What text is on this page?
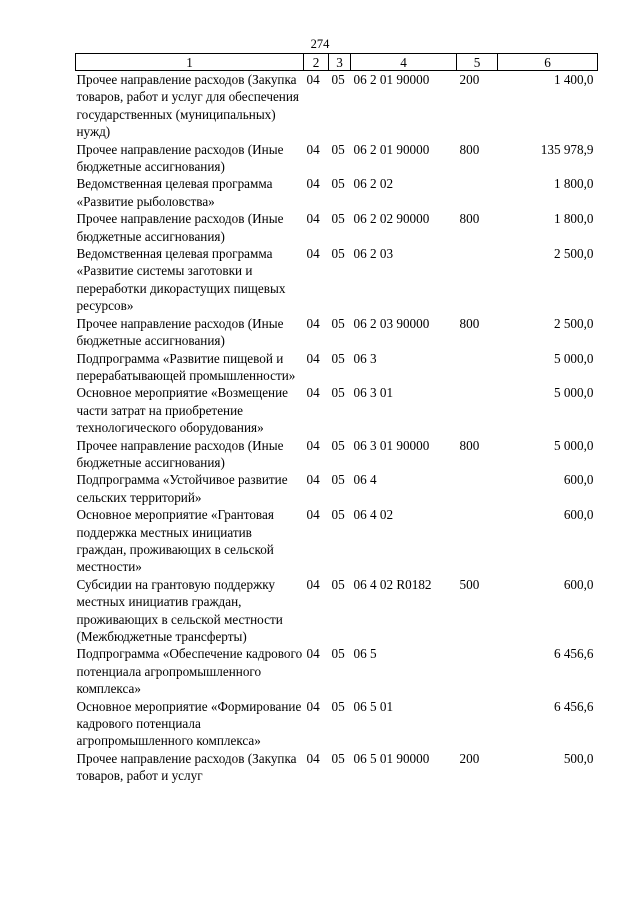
274
1	2	3	4	5	6
Прочее направление расходов (Закупка товаров, работ и услуг для обеспечения государственных (муниципальных) нужд)	04	05	06 2 01 90000	200	1 400,0
Прочее направление расходов (Иные бюджетные ассигнования)	04	05	06 2 01 90000	800	135 978,9
Ведомственная целевая программа «Развитие рыболовства»	04	05	06 2 02		1 800,0
Прочее направление расходов (Иные бюджетные ассигнования)	04	05	06 2 02 90000	800	1 800,0
Ведомственная целевая программа «Развитие системы заготовки и переработки дикорастущих пищевых ресурсов»	04	05	06 2 03		2 500,0
Прочее направление расходов (Иные бюджетные ассигнования)	04	05	06 2 03 90000	800	2 500,0
Подпрограмма «Развитие пищевой и перерабатывающей промышленности»	04	05	06 3		5 000,0
Основное мероприятие «Возмещение части затрат на приобретение технологического оборудования»	04	05	06 3 01		5 000,0
Прочее направление расходов (Иные бюджетные ассигнования)	04	05	06 3 01 90000	800	5 000,0
Подпрограмма «Устойчивое развитие сельских территорий»	04	05	06 4		600,0
Основное мероприятие «Грантовая поддержка местных инициатив граждан, проживающих в сельской местности»	04	05	06 4 02		600,0
Субсидии на грантовую поддержку местных инициатив граждан, проживающих в сельской местности (Межбюджетные трансферты)	04	05	06 4 02 R0182	500	600,0
Подпрограмма «Обеспечение кадрового потенциала агропромышленного комплекса»	04	05	06 5		6 456,6
Основное мероприятие «Формирование кадрового потенциала агропромышленного комплекса»	04	05	06 5 01		6 456,6
Прочее направление расходов (Закупка товаров, работ и услуг	04	05	06 5 01 90000	200	500,0
